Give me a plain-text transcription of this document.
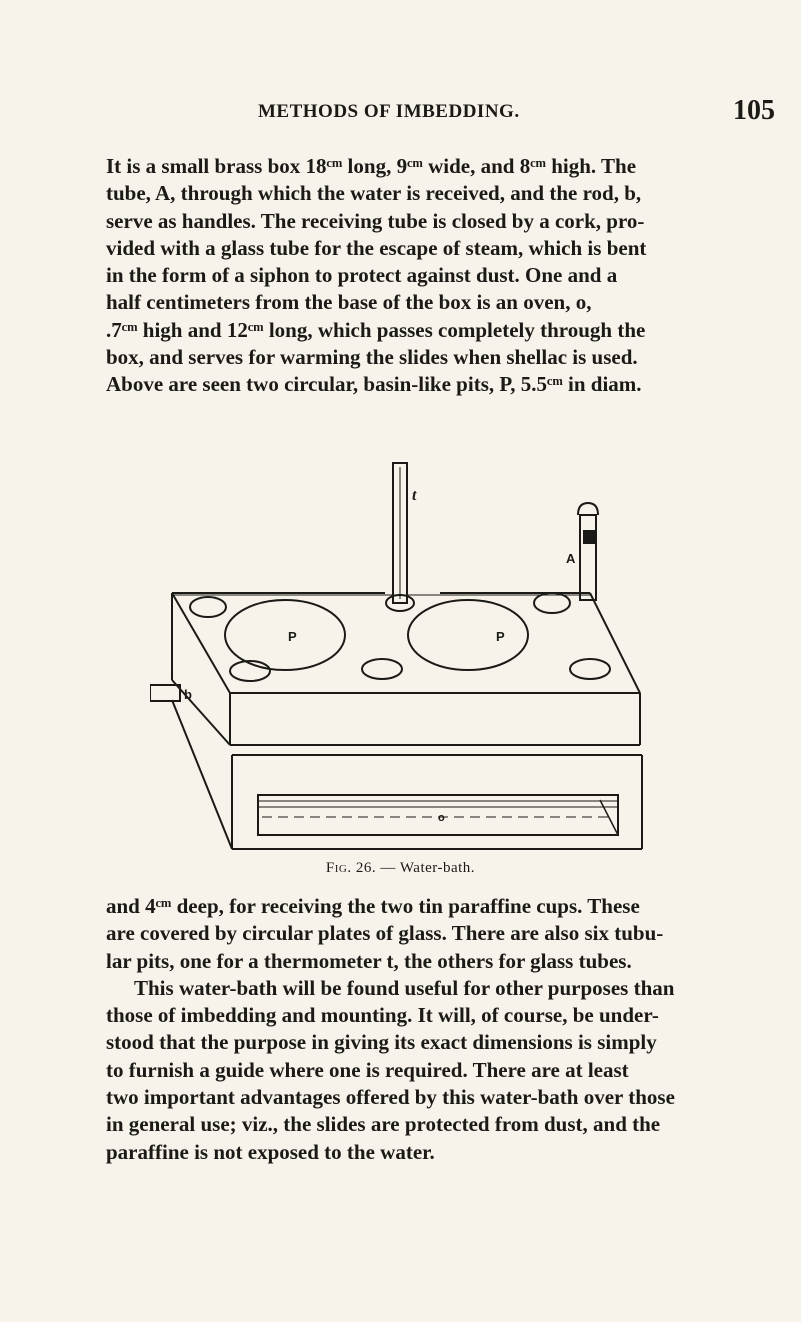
METHODS OF IMBEDDING.	105

It is a small brass box 18ᶜᵐ long, 9ᶜᵐ wide, and 8ᶜᵐ high. The

tube, A, through which the water is received, and the rod, b,

serve as handles. The receiving tube is closed by a cork, pro-

vided with a glass tube for the escape of steam, which is bent

in the form of a siphon to protect against dust. One and a

half centimeters from the base of the box is an oven, o,

.7ᶜᵐ high and 12ᶜᵐ long, which passes completely through the

box, and serves for warming the slides when shellac is used.

Above are seen two circular, basin-like pits, P, 5.5ᶜᵐ in diam.

t
A
b
P	P
o
Fig. 26. — Water-bath.

and 4ᶜᵐ deep, for receiving the two tin paraffine cups. These

are covered by circular plates of glass. There are also six tubu-

lar pits, one for a thermometer t, the others for glass tubes.

This water-bath will be found useful for other purposes than

those of imbedding and mounting. It will, of course, be under-

stood that the purpose in giving its exact dimensions is simply

to furnish a guide where one is required. There are at least

two important advantages offered by this water-bath over those

in general use; viz., the slides are protected from dust, and the

paraffine is not exposed to the water.
